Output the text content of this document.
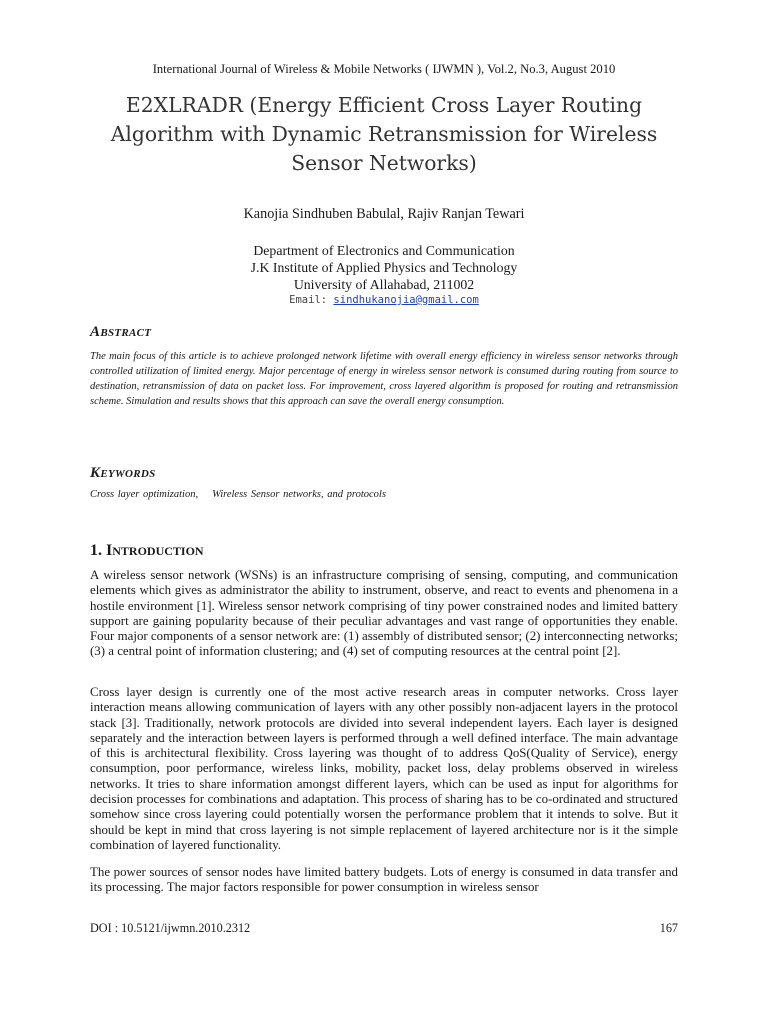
International Journal of Wireless & Mobile Networks ( IJWMN ), Vol.2, No.3, August 2010
E2XLRADR (Energy Efficient Cross Layer Routing
Algorithm with Dynamic Retransmission for Wireless
Sensor Networks)
Kanojia Sindhuben Babulal, Rajiv Ranjan Tewari
Department of Electronics and Communication
J.K Institute of Applied Physics and Technology
University of Allahabad, 211002
Email: sindhukanojia@gmail.com
ABSTRACT
The main focus of this article is to achieve prolonged network lifetime with overall energy efficiency in wireless sensor networks through controlled utilization of limited energy. Major percentage of energy in wireless sensor network is consumed during routing from source to destination, retransmission of data on packet loss. For improvement, cross layered algorithm is proposed for routing and retransmission scheme. Simulation and results shows that this approach can save the overall energy consumption.
KEYWORDS
Cross layer optimization, Wireless Sensor networks, and protocols
1. INTRODUCTION

A wireless sensor network (WSNs) is an infrastructure comprising of sensing, computing, and communication elements which gives as administrator the ability to instrument, observe, and react to events and phenomena in a hostile environment [1]. Wireless sensor network comprising of tiny power constrained nodes and limited battery support are gaining popularity because of their peculiar advantages and vast range of opportunities they enable. Four major components of a sensor network are: (1) assembly of distributed sensor; (2) interconnecting networks; (3) a central point of information clustering; and (4) set of computing resources at the central point [2].

Cross layer design is currently one of the most active research areas in computer networks. Cross layer interaction means allowing communication of layers with any other possibly non-adjacent layers in the protocol stack [3]. Traditionally, network protocols are divided into several independent layers. Each layer is designed separately and the interaction between layers is performed through a well defined interface. The main advantage of this is architectural flexibility. Cross layering was thought of to address QoS(Quality of Service), energy consumption, poor performance, wireless links, mobility, packet loss, delay problems observed in wireless networks. It tries to share information amongst different layers, which can be used as input for algorithms for decision processes for combinations and adaptation. This process of sharing has to be co-ordinated and structured somehow since cross layering could potentially worsen the performance problem that it intends to solve. But it should be kept in mind that cross layering is not simple replacement of layered architecture nor is it the simple combination of layered functionality.

The power sources of sensor nodes have limited battery budgets. Lots of energy is consumed in data transfer and its processing. The major factors responsible for power consumption in wireless sensor

DOI : 10.5121/ijwmn.2010.2312	167
